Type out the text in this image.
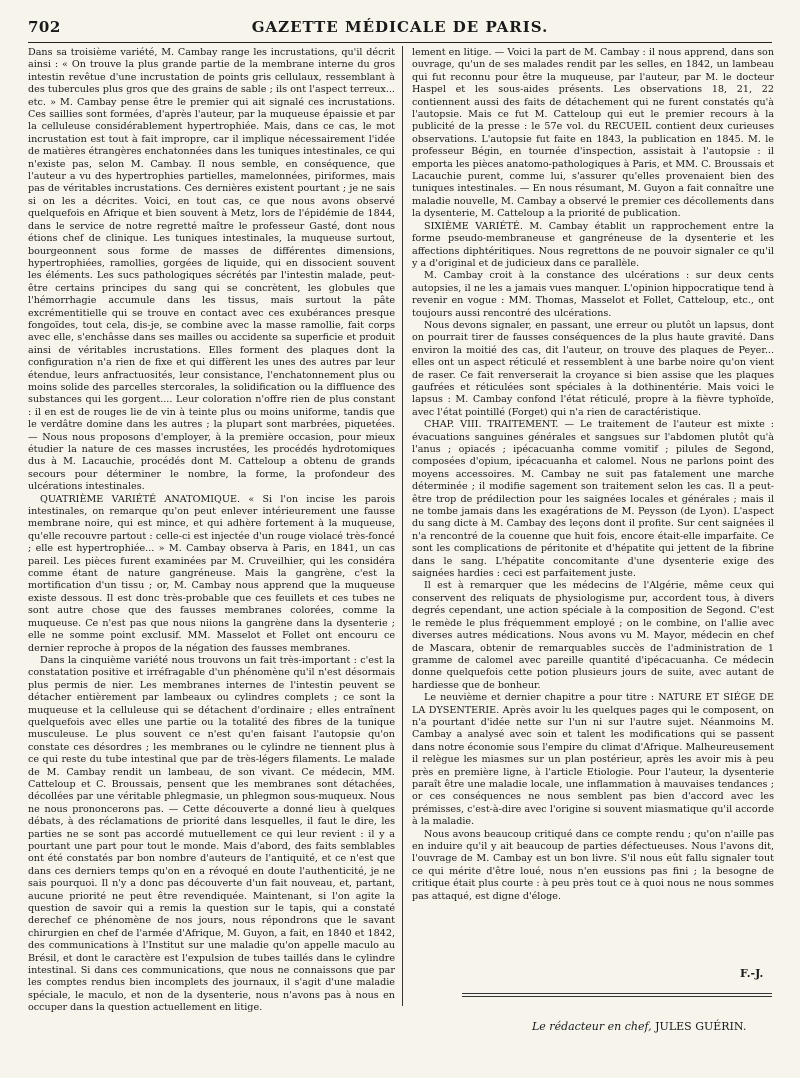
702	GAZETTE MÉDICALE DE PARIS.

Dans sa troisième variété, M. Cambay range les incrustations, qu'il décrit ainsi : « On trouve la plus grande partie de la membrane interne du gros intestin revêtue d'une incrustation de points gris cellulaux, ressemblant à des tubercules plus gros que des grains de sable ; ils ont l'aspect terreux... etc. » M. Cambay pense être le premier qui ait signalé ces incrustations. Ces saillies sont formées, d'après l'auteur, par la muqueuse épaissie et par la celluleuse considérablement hypertrophiée. Mais, dans ce cas, le mot incrustation est tout à fait impropre, car il implique nécessairement l'idée de matières étrangères enchatonnées dans les tuniques intestinales, ce qui n'existe pas, selon M. Cambay. Il nous semble, en conséquence, que l'auteur a vu des hypertrophies partielles, mamelonnées, piriformes, mais pas de véritables incrustations. Ces dernières existent pourtant ; je ne sais si on les a décrites. Voici, en tout cas, ce que nous avons observé quelquefois en Afrique et bien souvent à Metz, lors de l'épidémie de 1844, dans le service de notre regretté maître le professeur Gasté, dont nous étions chef de clinique. Les tuniques intestinales, la muqueuse surtout, bourgeonnent sous forme de masses de différentes dimensions, hypertrophiées, ramollies, gorgées de liquide, qui en dissocient souvent les éléments. Les sucs pathologiques sécrétés par l'intestin malade, peut-être certains principes du sang qui se concrètent, les globules que l'hémorrhagie accumule dans les tissus, mais surtout la pâte excrémentitielle qui se trouve en contact avec ces exubérances presque fongoïdes, tout cela, dis-je, se combine avec la masse ramollie, fait corps avec elle, s'enchâsse dans ses mailles ou accidente sa superficie et produit ainsi de véritables incrustations. Elles forment des plaques dont la configuration n'a rien de fixe et qui diffèrent les unes des autres par leur étendue, leurs anfractuosités, leur consistance, l'enchatonnement plus ou moins solide des parcelles stercorales, la solidification ou la diffluence des substances qui les gorgent.... Leur coloration n'offre rien de plus constant : il en est de rouges lie de vin à teinte plus ou moins uniforme, tandis que le verdâtre domine dans les autres ; la plupart sont marbrées, piquetées. — Nous nous proposons d'employer, à la première occasion, pour mieux étudier la nature de ces masses incrustées, les procédés hydrotomiques dus à M. Lacauchie, procédés dont M. Catteloup a obtenu de grands secours pour déterminer le nombre, la forme, la profondeur des ulcérations intestinales.

QUATRIÈME VARIÉTÉ ANATOMIQUE. « Si l'on incise les parois intestinales, on remarque qu'on peut enlever intérieurement une fausse membrane noire, qui est mince, et qui adhère fortement à la muqueuse, qu'elle recouvre partout : celle-ci est injectée d'un rouge violacé très-foncé ; elle est hypertrophiée... » M. Cambay observa à Paris, en 1841, un cas pareil. Les pièces furent examinées par M. Cruveilhier, qui les considéra comme étant de nature gangréneuse. Mais la gangrène, c'est la mortification d'un tissu ; or, M. Cambay nous apprend que la muqueuse existe dessous. Il est donc très-probable que ces feuillets et ces tubes ne sont autre chose que des fausses membranes colorées, comme la muqueuse. Ce n'est pas que nous niions la gangrène dans la dysenterie ; elle ne somme point exclusif. MM. Masselot et Follet ont encouru ce dernier reproche à propos de la négation des fausses membranes.

Dans la cinquième variété nous trouvons un fait très-important : c'est la constatation positive et irréfragable d'un phénomène qu'il n'est désormais plus permis de nier. Les membranes internes de l'intestin peuvent se détacher entièrement par lambeaux ou cylindres complets ; ce sont la muqueuse et la celluleuse qui se détachent d'ordinaire ; elles entraînent quelquefois avec elles une partie ou la totalité des fibres de la tunique musculeuse. Le plus souvent ce n'est qu'en faisant l'autopsie qu'on constate ces désordres ; les membranes ou le cylindre ne tiennent plus à ce qui reste du tube intestinal que par de très-légers filaments. Le malade de M. Cambay rendit un lambeau, de son vivant. Ce médecin, MM. Catteloup et C. Broussais, pensent que les membranes sont détachées, décollées par une véritable phlegmasie, un phlegmon sous-muqueux. Nous ne nous prononcerons pas. — Cette découverte a donné lieu à quelques débats, à des réclamations de priorité dans lesquelles, il faut le dire, les parties ne se sont pas accordé mutuellement ce qui leur revient : il y a pourtant une part pour tout le monde. Mais d'abord, des faits semblables ont été constatés par bon nombre d'auteurs de l'antiquité, et ce n'est que dans ces derniers temps qu'on en a révoqué en doute l'authenticité, je ne sais pourquoi. Il n'y a donc pas découverte d'un fait nouveau, et, partant, aucune priorité ne peut être revendiquée. Maintenant, si l'on agite la question de savoir qui a remis la question sur le tapis, qui a constaté derechef ce phénomène de nos jours, nous répondrons que le savant chirurgien en chef de l'armée d'Afrique, M. Guyon, a fait, en 1840 et 1842, des communications à l'Institut sur une maladie qu'on appelle maculo au Brésil, et dont le caractère est l'expulsion de tubes taillés dans le cylindre intestinal. Si dans ces communications, que nous ne connaissons que par les comptes rendus bien incomplets des journaux, il s'agit d'une maladie spéciale, le maculo, et non de la dysenterie, nous n'avons pas à nous en occuper dans la question actuellement en litige.

lement en litige. — Voici la part de M. Cambay : il nous apprend, dans son ouvrage, qu'un de ses malades rendit par les selles, en 1842, un lambeau qui fut reconnu pour être la muqueuse, par l'auteur, par M. le docteur Haspel et les sous-aides présents. Les observations 18, 21, 22 contiennent aussi des faits de détachement qui ne furent constatés qu'à l'autopsie. Mais ce fut M. Catteloup qui eut le premier recours à la publicité de la presse : le 57e vol. du RECUEIL contient deux curieuses observations. L'autopsie fut faite en 1843, la publication en 1845. M. le professeur Bégin, en tournée d'inspection, assistait à l'autopsie : il emporta les pièces anatomo-pathologiques à Paris, et MM. C. Broussais et Lacauchie purent, comme lui, s'assurer qu'elles provenaient bien des tuniques intestinales. — En nous résumant, M. Guyon a fait connaître une maladie nouvelle, M. Cambay a observé le premier ces décollements dans la dysenterie, M. Catteloup a la priorité de publication.

SIXIÈME VARIÉTÉ. M. Cambay établit un rapprochement entre la forme pseudo-membraneuse et gangréneuse de la dysenterie et les affections diphtéritiques. Nous regrettons de ne pouvoir signaler ce qu'il y a d'original et de judicieux dans ce parallèle.

M. Cambay croit à la constance des ulcérations : sur deux cents autopsies, il ne les a jamais vues manquer. L'opinion hippocratique tend à revenir en vogue : MM. Thomas, Masselot et Follet, Catteloup, etc., ont toujours aussi rencontré des ulcérations.

Nous devons signaler, en passant, une erreur ou plutôt un lapsus, dont on pourrait tirer de fausses conséquences de la plus haute gravité. Dans environ la moitié des cas, dit l'auteur, on trouve des plaques de Peyer... elles ont un aspect réticulé et ressemblent à une barbe noire qu'on vient de raser. Ce fait renverserait la croyance si bien assise que les plaques gaufrées et réticulées sont spéciales à la dothinentérie. Mais voici le lapsus : M. Cambay confond l'état réticulé, propre à la fièvre typhoïde, avec l'état pointillé (Forget) qui n'a rien de caractéristique.

CHAP. VIII. TRAITEMENT. — Le traitement de l'auteur est mixte : évacuations sanguines générales et sangsues sur l'abdomen plutôt qu'à l'anus ; opiacés ; ipécacuanha comme vomitif ; pilules de Segond, composées d'opium, ipécacuanha et calomel. Nous ne parlons point des moyens accessoires. M. Cambay ne suit pas fatalement une marche déterminée ; il modifie sagement son traitement selon les cas. Il a peut-être trop de prédilection pour les saignées locales et générales ; mais il ne tombe jamais dans les exagérations de M. Peysson (de Lyon). L'aspect du sang dicte à M. Cambay des leçons dont il profite. Sur cent saignées il n'a rencontré de la couenne que huit fois, encore était-elle imparfaite. Ce sont les complications de péritonite et d'hépatite qui jettent de la fibrine dans le sang. L'hépatite concomitante d'une dysenterie exige des saignées hardies : ceci est parfaitement juste.

Il est à remarquer que les médecins de l'Algérie, même ceux qui conservent des reliquats de physiologisme pur, accordent tous, à divers degrés cependant, une action spéciale à la composition de Segond. C'est le remède le plus fréquemment employé ; on le combine, on l'allie avec diverses autres médications. Nous avons vu M. Mayor, médecin en chef de Mascara, obtenir de remarquables succès de l'administration de 1 gramme de calomel avec pareille quantité d'ipécacuanha. Ce médecin donne quelquefois cette potion plusieurs jours de suite, avec autant de hardiesse que de bonheur.

Le neuvième et dernier chapitre a pour titre : NATURE ET SIÉGE DE LA DYSENTERIE. Après avoir lu les quelques pages qui le composent, on n'a pourtant d'idée nette sur l'un ni sur l'autre sujet. Néanmoins M. Cambay a analysé avec soin et talent les modifications qui se passent dans notre économie sous l'empire du climat d'Afrique. Malheureusement il relègue les miasmes sur un plan postérieur, après les avoir mis à peu près en première ligne, à l'article Etiologie. Pour l'auteur, la dysenterie paraît être une maladie locale, une inflammation à mauvaises tendances ; or ces conséquences ne nous semblent pas bien d'accord avec les prémisses, c'est-à-dire avec l'origine si souvent miasmatique qu'il accorde à la maladie.

Nous avons beaucoup critiqué dans ce compte rendu ; qu'on n'aille pas en induire qu'il y ait beaucoup de parties défectueuses. Nous l'avons dit, l'ouvrage de M. Cambay est un bon livre. S'il nous eût fallu signaler tout ce qui mérite d'être loué, nous n'en eussions pas fini ; la besogne de critique était plus courte : à peu près tout ce à quoi nous ne nous sommes pas attaqué, est digne d'éloge.

F.-J.
Le rédacteur en chef, JULES GUÉRIN.
